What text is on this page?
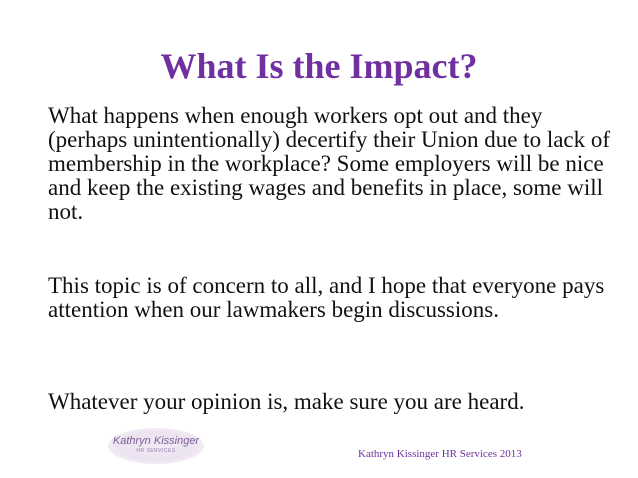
What Is the Impact?

What happens when enough workers opt out and they (perhaps unintentionally) decertify their Union due to lack of membership in the workplace? Some employers will be nice and keep the existing wages and benefits in place, some will not.

This topic is of concern to all, and I hope that everyone pays attention when our lawmakers begin discussions.

Whatever your opinion is, make sure you are heard.

Kathryn Kissinger
HR SERVICES	Kathryn Kissinger HR Services 2013
